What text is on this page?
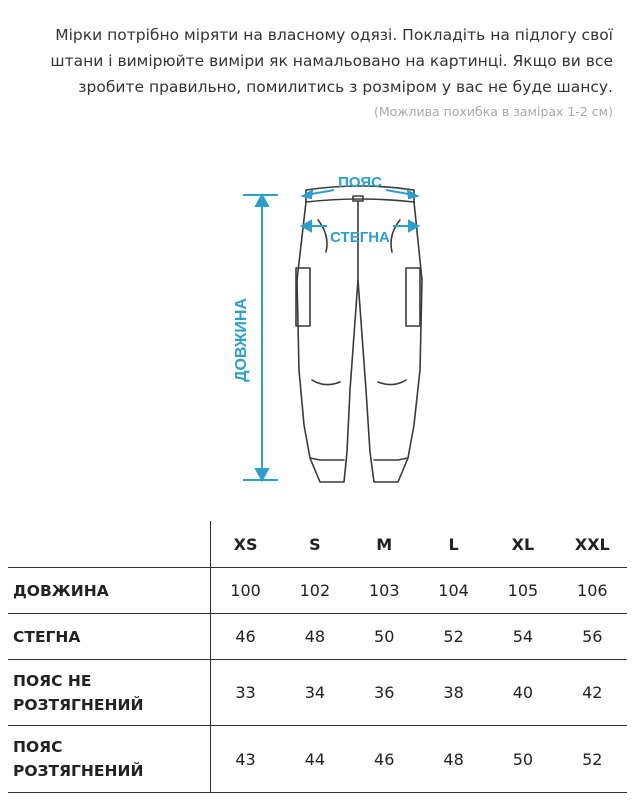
Мірки потрібно міряти на власному одязі. Покладіть на підлогу свої
штани і вимірюйте виміри як намальовано на картинці. Якщо ви все
зробите правильно, помилитись з розміром у вас не буде шансу.
(Можлива похибка в замірах 1-2 см)
ПОЯС
СТЕГНА
ДОВЖИНА
	XS	S	M	L	XL	XXL
ДОВЖИНА	100	102	103	104	105	106
СТЕГНА	46	48	50	52	54	56

ПОЯС НЕ
РОЗТЯГНЕНИЙ	33	34	36	38	40	42

ПОЯС
РОЗТЯГНЕНИЙ	43	44	46	48	50	52
